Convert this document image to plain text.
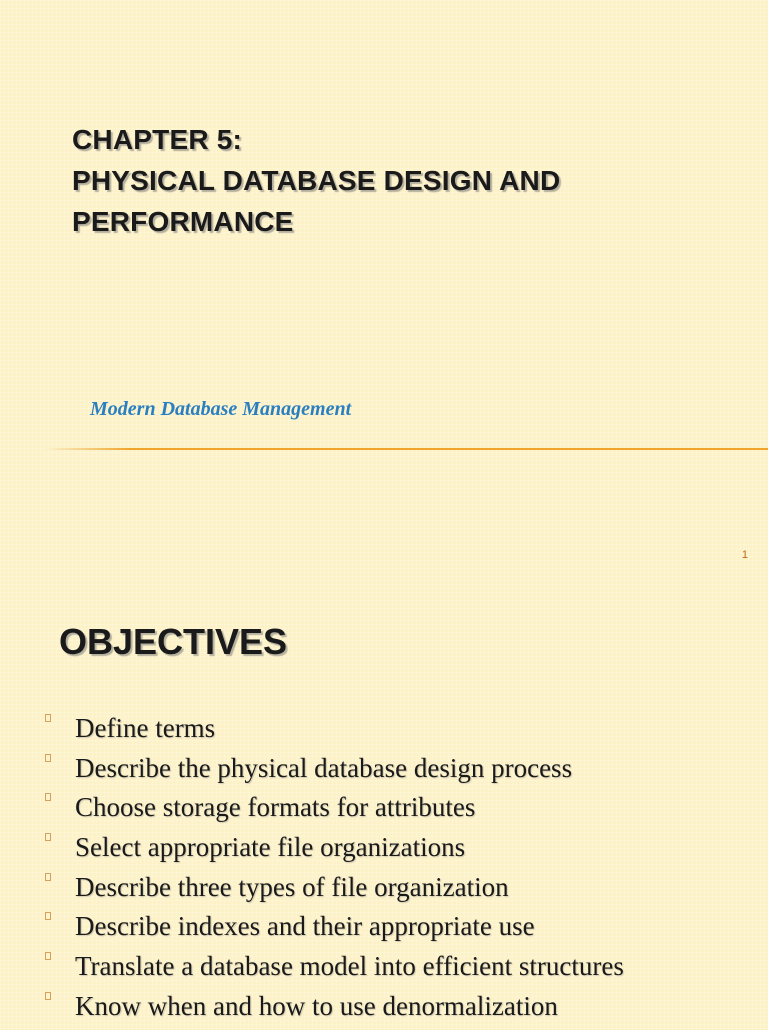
CHAPTER 5:
PHYSICAL DATABASE DESIGN AND
PERFORMANCE
Modern Database Management
1
OBJECTIVES
Define terms
Describe the physical database design process
Choose storage formats for attributes
Select appropriate file organizations
Describe three types of file organization
Describe indexes and their appropriate use
Translate a database model into efficient structures
Know when and how to use denormalization
